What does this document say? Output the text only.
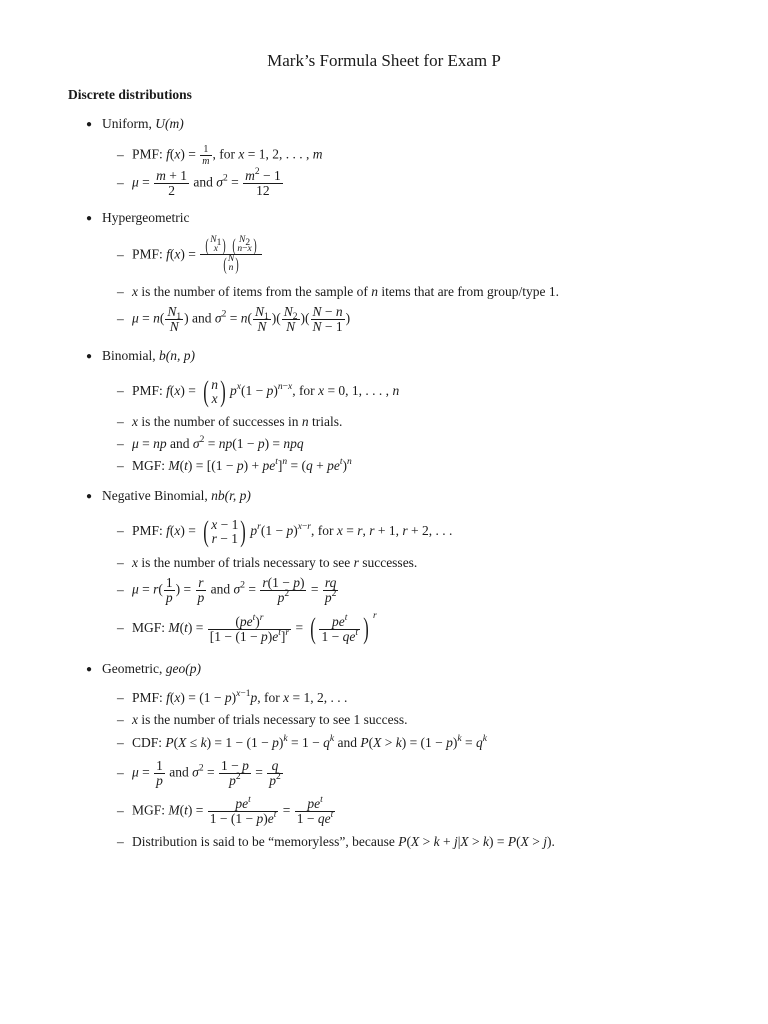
Mark’s Formula Sheet for Exam P
Discrete distributions
● Uniform, U(m)
– PMF: $f(x) = \frac{1}{m}$ , for x = 1, 2, . . . , m
– $\mu = \frac{m + 1}{2}$ and $\sigma^2 = \frac{m^2 - 1}{12}$
● Hypergeometric
– PMF: f(x) = ( $N_1$
x ) ( $N_2$
n−x )
( N
n )
– x is the number of items from the sample of n items that are from group/type 1.
– $\mu = n( \frac{N_1}{N}$ ) and $\sigma^2 = n( \frac{N_1}{N}$ )( $\frac{N_2}{N}$ )( $\frac{N - n}{N - 1}$ )
● Binomial, b(n, p)
– PMF: f(x) = ( n
x ) $p^x(1 - p)^{n-x}$, for x = 0, 1, . . . , n
– x is the number of successes in n trials.
– μ = np and $\sigma^2 = np(1 - p)$ = npq
– MGF: $M(t) = [(1 - p) + pe^t]^n = (q + pe^t)^n$
● Negative Binomial, nb(r, p)
– PMF: f(x) = ( x − 1
r − 1 ) $p^r(1 - p)^{x-r}$, for x = r, r + 1, r + 2, . . .
– x is the number of trials necessary to see r successes.
– $\mu = r( \frac{1}{p}$ ) = $\frac{r}{p}$ and $\sigma^2 = \frac{r(1 - p)}{p^2} = \frac{rq}{p^2}$
– MGF: M(t) =	$(pe^t)^r$
$[1 - (1 - p)e^t]^r$ = (	$pe^t$
$1 - qe^t$ ) $^r$
● Geometric, geo(p)
– PMF: $f(x) = (1 - p)^{x-1}p$, for x = 1, 2, . . .
– x is the number of trials necessary to see 1 success.
– CDF: $P(X \le k) = 1 - (1 - p)^k = 1 - q^k$ and $P(X > k) = (1 - p)^k = q^k$
– $\mu = \frac{1}{p}$ and $\sigma^2 = \frac{1 - p}{p^2} = \frac{q}{p^2}$
– MGF: M(t) =	$pe^t$
$1 - (1 - p)e^t$ =	$pe^t$
$1 - qe^t$
– Distribution is said to be “memoryless”, because P(X > k + j|X > k) = P(X > j).
